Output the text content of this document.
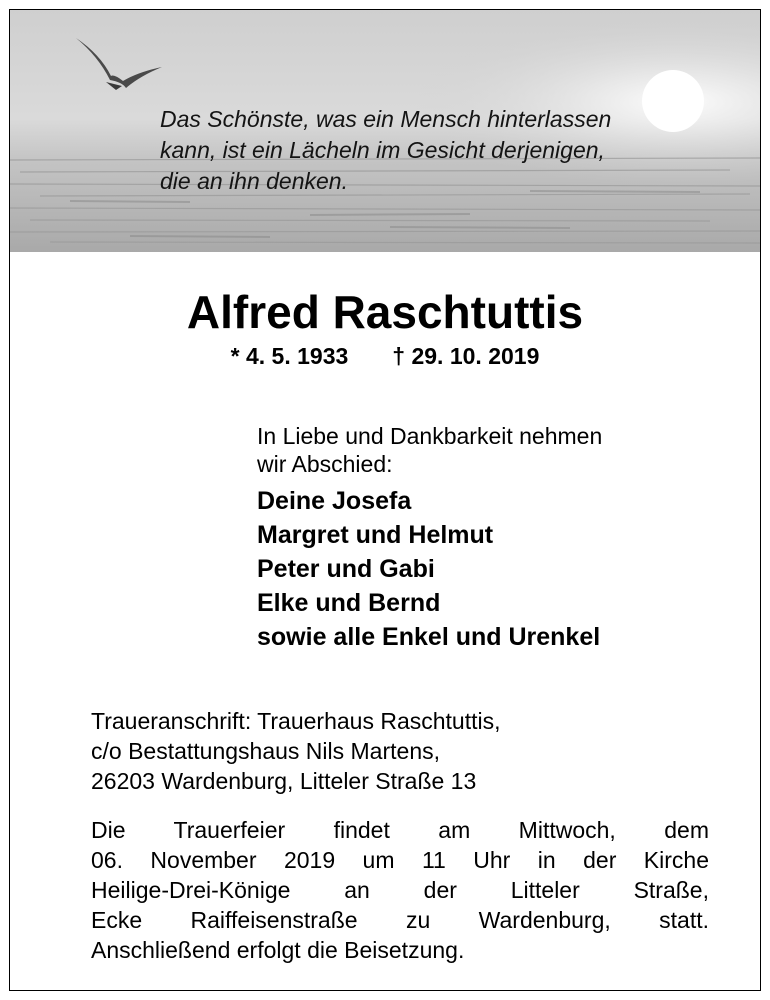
Das Schönste, was ein Mensch hinterlassen
kann, ist ein Lächeln im Gesicht derjenigen,
die an ihn denken.
Alfred Raschtuttis
* 4. 5. 1933 † 29. 10. 2019
In Liebe und Dankbarkeit nehmen
wir Abschied:
Deine Josefa
Margret und Helmut
Peter und Gabi
Elke und Bernd
sowie alle Enkel und Urenkel
Traueranschrift: Trauerhaus Raschtuttis,
c/o Bestattungshaus Nils Martens,
26203 Wardenburg, Litteler Straße 13
Die Trauerfeier findet am Mittwoch, dem
06. November 2019 um 11 Uhr in der Kirche
Heilige-Drei-Könige an der Litteler Straße,
Ecke Raiffeisenstraße zu Wardenburg, statt.
Anschließend erfolgt die Beisetzung.
